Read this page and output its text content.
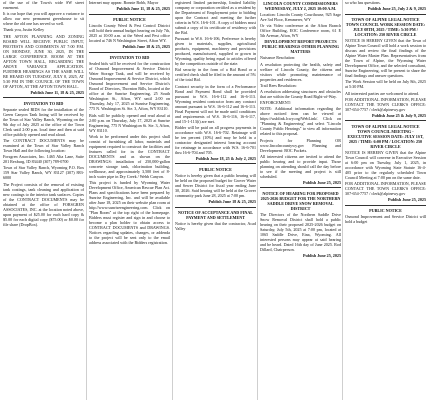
of the use of the Town's wide SW street easement.
It is our hope that you will approve a variance to allow our new permanent greenhouse to sit where the old one has served so well.
Thank you, Justin Kelley
THE AFTON PLANNING AND ZONING BOARD WILL RECEIVE PUBLIC INPUT, PROTESTS AND COMMENTS AT 7:00 P.M. ON MONDAY, JUNE 30, 2025, IN THE LARGE CONFERENCE ROOM AT THE AFTON TOWN HALL, REGARDING THE ABOVE VARIANCE APPLICATION. FURTHER HEARINGS AS THE SAME WILL BE HEARD ON TUESDAY, JULY 8, 2025, AT 5:30 PM IN THE COUNCIL OF THE TOWN OF AFTON, AT THE AFTON TOWN HALL.
Publish June 11, 18 & 25, 2025
INVITATION TO BID
Separate sealed BIDS for the installation of the Green Canyon Tank lining will be received by the Town of Star Valley Ranch, Wyoming on the 9th day of July 2025 at the office of the Town Clerk until 2:00 p.m. local time and then at said office publicly opened and read aloud.
The CONTRACT DOCUMENTS may be examined at the Town of Star Valley Ranch Town Hall and the following location:
Forsgren Associates, Inc. 1465 Alta Lane, Suite 201 Rexburg, ID 83440 (307) 789-0700
Town of Star Valley Ranch, Wyoming P.O. Box 159 Star Valley Ranch, WY 83127 (307) 883-6000
The Project consists of the removal of existing tank coatings, tank cleaning and application of new coatings to the interior tank surfaces. Copies of the CONTRACT DOCUMENTS may be obtained at the office of FORSGREN ASSOCIATES, INC. at the location noted above, upon payment of $25.00 for each hard copy & $5.00 for each digital copy ($75.00) or $0.00 for file share (DropBox).
Internet may appear. Bonnie Bobb, Mayor
Publish June 11, 18 & 25, 2025
PUBLIC NOTICE
Lincoln County Weed & Pest Control District will hold their annual budget hearing on July 7th, 2025 at 10:00 a.m. at the Weed and Pest office located at 746 N Washington Street, Afton WY.
Publish June 18 & 25, 2025
INVITATION TO BID
Sealed bids will be received for the construction of Osmond Improvement & Service District Water Storage Tank, and will be received by Osmond Improvement & Service District, which Osmond Improvement and Service District's Board of Directors, Thornton Bills, located at the office at the Sunrise Engineering, 25 South Washington St., Afton, WY until 2:00 on Thursday, July 17, 2025 at Sunrise Engineering, 775 N. Washington St. Ste. 3, Afton, WY 83110.
Bids will be publicly opened and read aloud at 2:00 p.m. on Thursday, July 17, 2025 at Sunrise Engineering, 775 N Washington St. Ste. 3, Afton, WY 83110.
Work to be performed under this project shall consist of furnishing all labor, materials and equipment required to construct the facilities and features called for in the CONTRACT DOCUMENTS and as shown on the DRAWINGS: installation of 250,000-gallon concrete storage tank, chlorination building, wellhouse, and approximately 3,500 feet of 8-inch water pipe in Dry Creek / Webb Canyon.
This project is funded by Wyoming Water Development Office, American Rescue Plan Act. Plans and specifications have been prepared by Sunrise Engineering, Inc. and will be available after June 18, 2025 on their website plan room at http://www.sunriseengineering.com. Click on "Plan Room" at the top right of the homepage. Bidders must register and sign in and choose to become a plan holder to obtain access to CONTRACT DOCUMENTS and DRAWINGS. Notices regarding updates, changes, or addenda to the project will be sent only to the email address associated with the Bidders registration.
registered limited partnership, limited liability company or corporation certified as a resident by the Department of Employment prior to bidding upon the Contract and meeting the further criteria in W.S. 16-6-101. A copy of bidders must submit a copy of its certificate of residency with the Bid.
Pursuant to W.S. 16-6-106, Preference is hereby given to materials, supplies, agricultural products, equipment, machinery and provisions produced, manufactured, supplied or grown in Wyoming, quality being equal to articles offered by the competitors outside of the state.
Bid security in the form of a Bid Bond or a certified check shall be filed in the amount of 5% of the total Bid.
Contract security in the form of a Performance Bond and Payment Bond shall be provided pursuant to W.S. 16-6-112 and 16-6-113. Wyoming resident contractor from any contract amount pursuant to W.S. 16-6-112 and 16-6-113. Final Payment will not be made until conditions and requirements of W.S. 16-6-116, 16-6-117, and 15-1-113(i) are met.
Bidder will be paid on all progress payments in accordance with W.S. 16-6-702. Retainage will be ten percent (10%) and may be held in a contractor designated interest bearing account for retainage in accordance with W.S. 16-6-701 thru 16-6-704 and 705.
Publish June 18, 25 & July 2, 2025
PUBLIC NOTICE
Notice is hereby given that a public hearing will be held on the proposed budget for Grover Water and Sewer District for fiscal year ending June 30, 2026. Said hearing will be held at the Grover community park June 28, 2025 at 7:00 pm.
Publish June 18 & 25, 2025
NOTICE OF ACCEPTANCE AND FINAL PAYMENT AND SETTLEMENT
Notice is hereby given that the contractor, Acad Valley
LINCOLN COUNTY COMMISSIONERS WEDNESDAY, JULY 2, 2025 10:00 A.M.
Location: Lincoln County Courthouse, 925 Sage Ave 3rd Floor, Kemmerer, WY
Or via Video conference at the Afton Branch Office Building, EOC Conference room, 61 E 5th Avenue, Afton, WY
DEVELOPMENT REPORT PROJECTS PUBLIC HEARINGS OTHER PLANNING MATTERS
Nuisance Resolution:
A resolution protecting the health, safety and welfare of Lincoln County, the citizens and visitors while promoting maintenance of properties and residences.
Trail Rees Resolution:
A resolution addressing structures and obstacles that are within the County Road Right-of-Way.
ENFORCEMENT:
NOTE: Additional information regarding the above noticed item can be viewed at https://wublink.lcwy.org/WebLink/. Click on "Planning & Engineering" and select "Lincoln County Public Hearings" to view all information related to this proposal.
Projects for Planning OR www.lincolncountywy.gov Planning and Development: BOC Packets.
All interested citizens are invited to attend the public hearing and to provide input. Those planning on attending should call the day before to see if the meeting and project is still scheduled.
Publish June 25, 2025
NOTICE OF HEARING FOR PROPOSED 2025-2026 BUDGET FOR THE NORTHERN SADDLE DRIVE SNOW REMOVAL DISTRICT
The Directors of the Northern Saddle Drive Snow Removal District shall hold a public hearing on their proposed 2025-2026 budget on Saturday, July 5th, 2025 at 7:00 pm, located at 1065 Saddle Drive, Etna, Wyoming. All interested persons may appear at said hearing and be heard. Dated 16th day of June 2025. Rod Dillard, Chairperson.
Publish June 25, 2025
so who has questions.
Publish June 25, July 2 & 9, 2025
TOWN OF ALPINE LEGAL NOTICE TOWN COUNCIL WORK SESSION DATE: JULY 08TH, 2025 / TIME: 5:30 PM / LOCATION: 250 RIVER CIRCLE
NOTICE IS HEREBY GIVEN that the Town of Alpine Town Council will hold a work session to discuss and review the final findings of the Alpine Water Master Plan. Representatives from the Town of Alpine, the Wyoming Water Development Office, and the selected consultant, Sunrise Engineering, will be present to share the final findings and answer questions.
The Work Session will be held on July 8th, 2025 at 5:30 PM.
All interested parties are welcomed to attend.
FOR ADDITIONAL INFORMATION, PLEASE CONTACT THE TOWN CLERK'S OFFICE: 307-654-7757 / clerk@alpinewy.gov
Publish June 25 & July 9, 2025
TOWN OF ALPINE LEGAL NOTICE TOWN COUNCIL MEETING - EXECUTIVE SESSION DATE: JULY 1ST, 2025 / TIME: 6:00 PM / LOCATION: 250 RIVER CIRCLE
NOTICE IS HEREBY GIVEN that the Alpine Town Council will convene in Executive Session at 6:00 pm on Tuesday, July 1, 2025, in accordance with Wyoming State Statute 16-4-405 prior to the regularly scheduled Town Council Meeting at 7:00 pm on the same date.
FOR ADDITIONAL INFORMATION, PLEASE CONTACT THE TOWN CLERK'S OFFICE: 307-654-7757 / clerk@alpinewy.gov
Publish June 25, 2025
PUBLIC NOTICE
Osmond Improvement and Service District will hold a budget
